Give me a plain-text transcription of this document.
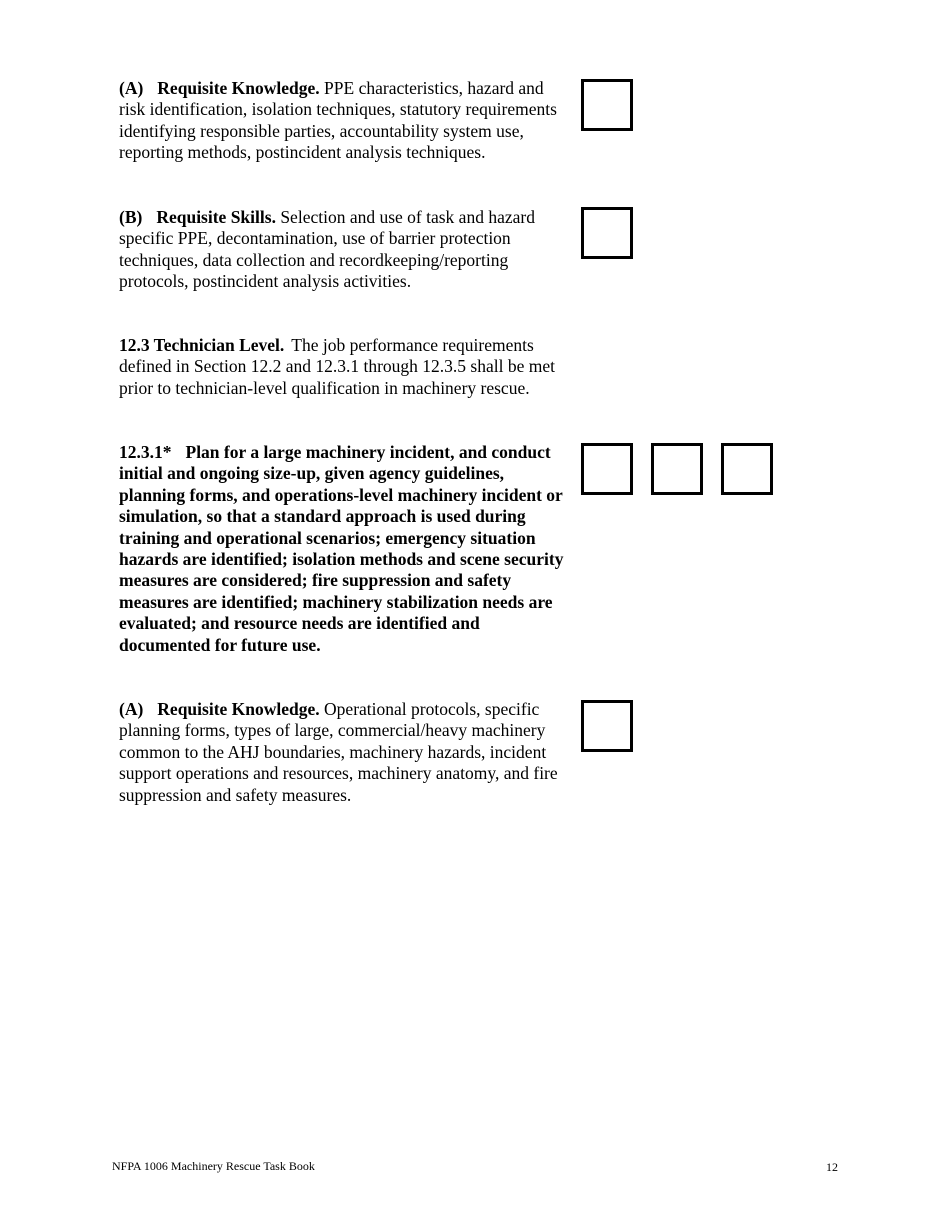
(A) Requisite Knowledge. PPE characteristics, hazard and risk identification, isolation techniques, statutory requirements identifying responsible parties, accountability system use, reporting methods, postincident analysis techniques.
(B) Requisite Skills. Selection and use of task and hazard specific PPE, decontamination, use of barrier protection techniques, data collection and recordkeeping/reporting protocols, postincident analysis activities.
12.3 Technician Level. The job performance requirements defined in Section 12.2 and 12.3.1 through 12.3.5 shall be met prior to technician-level qualification in machinery rescue.
12.3.1* Plan for a large machinery incident, and conduct initial and ongoing size-up, given agency guidelines, planning forms, and operations-level machinery incident or simulation, so that a standard approach is used during training and operational scenarios; emergency situation hazards are identified; isolation methods and scene security measures are considered; fire suppression and safety measures are identified; machinery stabilization needs are evaluated; and resource needs are identified and documented for future use.
(A) Requisite Knowledge. Operational protocols, specific planning forms, types of large, commercial/heavy machinery common to the AHJ boundaries, machinery hazards, incident support operations and resources, machinery anatomy, and fire suppression and safety measures.
NFPA 1006 Machinery Rescue Task Book	12
